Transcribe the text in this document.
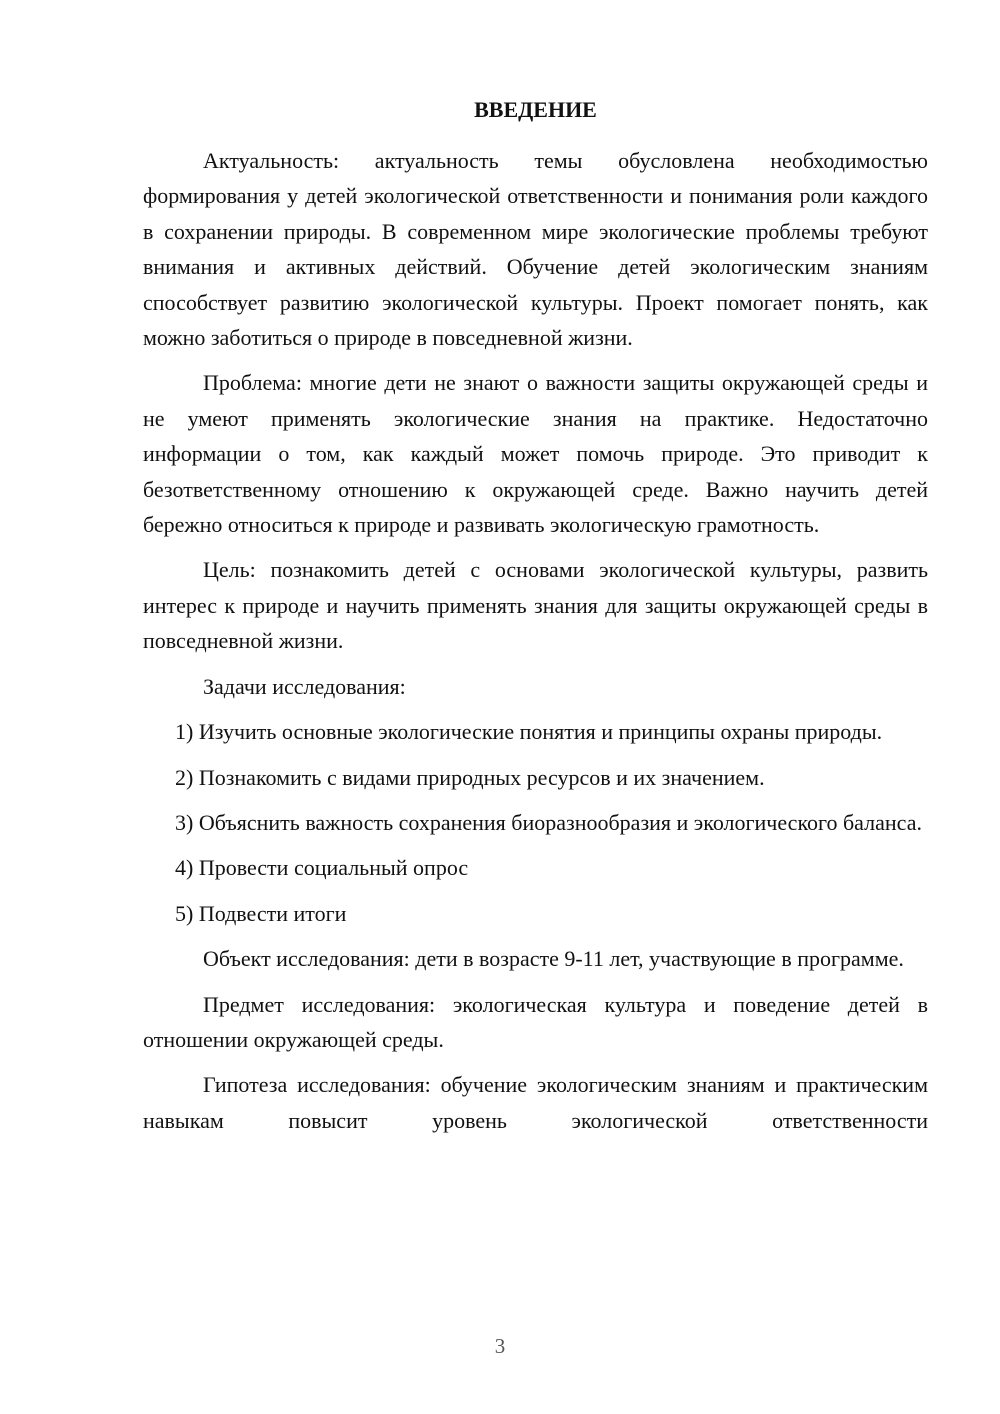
ВВЕДЕНИЕ

Актуальность: актуальность темы обусловлена необходимостью формирования у детей экологической ответственности и понимания роли каждого в сохранении природы. В современном мире экологические проблемы требуют внимания и активных действий. Обучение детей экологическим знаниям способствует развитию экологической культуры. Проект помогает понять, как можно заботиться о природе в повседневной жизни.

Проблема: многие дети не знают о важности защиты окружающей среды и не умеют применять экологические знания на практике. Недостаточно информации о том, как каждый может помочь природе. Это приводит к безответственному отношению к окружающей среде. Важно научить детей бережно относиться к природе и развивать экологическую грамотность.

Цель: познакомить детей с основами экологической культуры, развить интерес к природе и научить применять знания для защиты окружающей среды в повседневной жизни.

Задачи исследования:

1) Изучить основные экологические понятия и принципы охраны природы.

2) Познакомить с видами природных ресурсов и их значением.

3) Объяснить важность сохранения биоразнообразия и экологического баланса.

4) Провести социальный опрос

5) Подвести итоги

Объект исследования: дети в возрасте 9-11 лет, участвующие в программе.

Предмет исследования: экологическая культура и поведение детей в отношении окружающей среды.

Гипотеза исследования: обучение экологическим знаниям и практическим навыкам повысит уровень экологической ответственности

3
